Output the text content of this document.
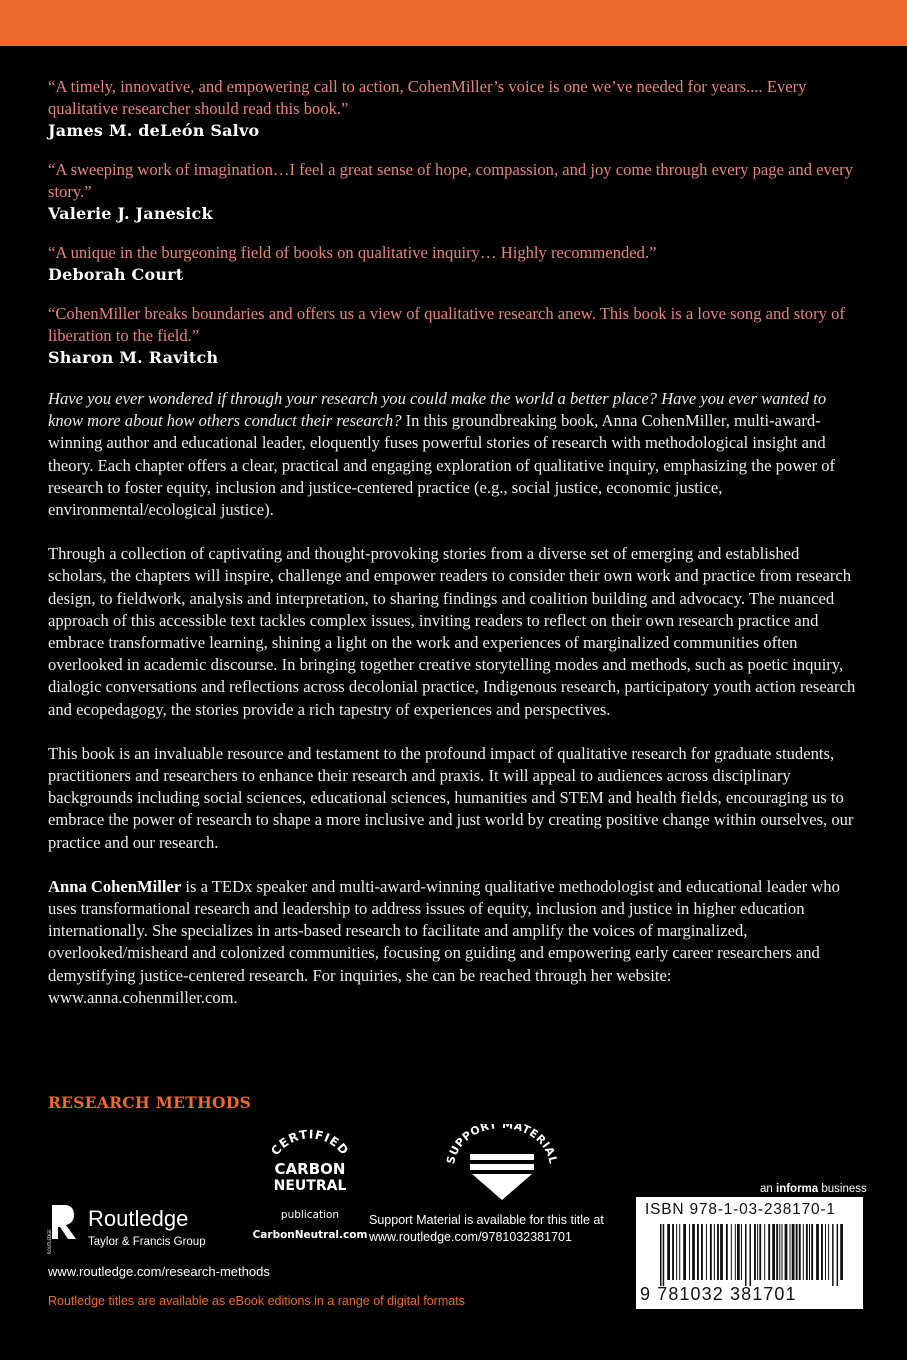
“A timely, innovative, and empowering call to action, CohenMiller’s voice is one we’ve needed for years.... Every qualitative researcher should read this book.”
James M. deLeón Salvo
“A sweeping work of imagination…I feel a great sense of hope, compassion, and joy come through every page and every story.”
Valerie J. Janesick
“A unique in the burgeoning field of books on qualitative inquiry… Highly recommended.”
Deborah Court
“CohenMiller breaks boundaries and offers us a view of qualitative research anew. This book is a love song and story of liberation to the field.”
Sharon M. Ravitch

Have you ever wondered if through your research you could make the world a better place? Have you ever wanted to know more about how others conduct their research? In this groundbreaking book, Anna CohenMiller, multi-award-winning author and educational leader, eloquently fuses powerful stories of research with methodological insight and theory. Each chapter offers a clear, practical and engaging exploration of qualitative inquiry, emphasizing the power of research to foster equity, inclusion and justice-centered practice (e.g., social justice, economic justice, environmental/ecological justice).

Through a collection of captivating and thought-provoking stories from a diverse set of emerging and established scholars, the chapters will inspire, challenge and empower readers to consider their own work and practice from research design, to fieldwork, analysis and interpretation, to sharing findings and coalition building and advocacy. The nuanced approach of this accessible text tackles complex issues, inviting readers to reflect on their own research practice and embrace transformative learning, shining a light on the work and experiences of marginalized communities often overlooked in academic discourse. In bringing together creative storytelling modes and methods, such as poetic inquiry, dialogic conversations and reflections across decolonial practice, Indigenous research, participatory youth action research and ecopedagogy, the stories provide a rich tapestry of experiences and perspectives.

This book is an invaluable resource and testament to the profound impact of qualitative research for graduate students, practitioners and researchers to enhance their research and praxis. It will appeal to audiences across disciplinary backgrounds including social sciences, educational sciences, humanities and STEM and health fields, encouraging us to embrace the power of research to shape a more inclusive and just world by creating positive change within ourselves, our practice and our research.

Anna CohenMiller is a TEDx speaker and multi-award-winning qualitative methodologist and educational leader who uses transformational research and leadership to address issues of equity, inclusion and justice in higher education internationally. She specializes in arts-based research to facilitate and amplify the voices of marginalized, overlooked/misheard and colonized communities, focusing on guiding and empowering early career researchers and demystifying justice-centered research. For inquiries, she can be reached through her website: www.anna.cohenmiller.com.

RESEARCH METHODS
CERTIFIED
CARBON
NEUTRAL
publication
CarbonNeutral.com
SUPPORT MATERIAL
Support Material is available for this title at
www.routledge.com/9781032381701
ROUTLEDGE
Routledge
Taylor & Francis Group
www.routledge.com/research-methods
Routledge titles are available as eBook editions in a range of digital formats
an informa business
ISBN 978-1-03-238170-1
9 781032 381701
